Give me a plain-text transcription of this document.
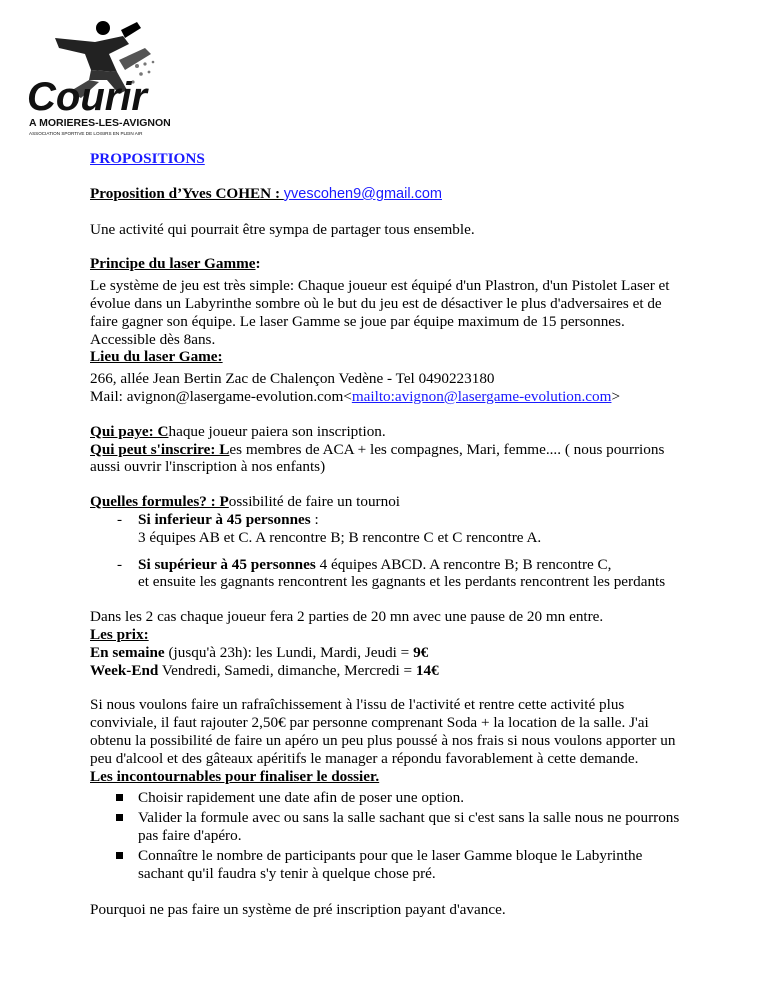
Courir
A MORIERES-LES-AVIGNON
ASSOCIATION SPORTIVE DE LOISIRS EN PLEIN AIR

PROPOSITIONS

Proposition d’Yves COHEN : yvescohen9@gmail.com

Une activité qui pourrait être sympa de partager tous ensemble.

Principe du laser Gamme:

Le système de jeu est très simple: Chaque joueur est équipé d'un Plastron, d'un Pistolet Laser et évolue dans un Labyrinthe sombre où le but du jeu est de désactiver le plus d'adversaires et de faire gagner son équipe. Le laser Gamme se joue par équipe maximum de 15 personnes. Accessible dès 8ans.

Lieu du laser Game:

266, allée Jean Bertin Zac de Chalençon Vedène - Tel 0490223180

Mail: avignon@lasergame-evolution.com<mailto:avignon@lasergame-evolution.com>

Qui paye: Chaque joueur paiera son inscription.

Qui peut s'inscrire: Les membres de ACA + les compagnes, Mari, femme.... ( nous pourrions aussi ouvrir l'inscription à nos enfants)

Quelles formules? : Possibilité de faire un tournoi

- Si inferieur à 45 personnes :
3 équipes AB et C. A rencontre B; B rencontre C et C rencontre A.
- Si supérieur à 45 personnes 4 équipes ABCD. A rencontre B; B rencontre C,
et ensuite les gagnants rencontrent les gagnants et les perdants rencontrent les perdants

Dans les 2 cas chaque joueur fera 2 parties de 20 mn avec une pause de 20 mn entre.

Les prix:

En semaine (jusqu'à 23h): les Lundi, Mardi, Jeudi = 9€

Week-End Vendredi, Samedi, dimanche, Mercredi = 14€

Si nous voulons faire un rafraîchissement à l'issu de l'activité et rentre cette activité plus conviviale, il faut rajouter 2,50€ par personne comprenant Soda + la location de la salle. J'ai obtenu la possibilité de faire un apéro un peu plus poussé à nos frais si nous voulons apporter un peu d'alcool et des gâteaux apéritifs le manager a répondu favorablement à cette demande.

Les incontournables pour finaliser le dossier.

Choisir rapidement une date afin de poser une option.
Valider la formule avec ou sans la salle sachant que si c'est sans la salle nous ne pourrons pas faire d'apéro.
Connaître le nombre de participants pour que le laser Gamme bloque le Labyrinthe sachant qu'il faudra s'y tenir à quelque chose pré.

Pourquoi ne pas faire un système de pré inscription payant d'avance.
